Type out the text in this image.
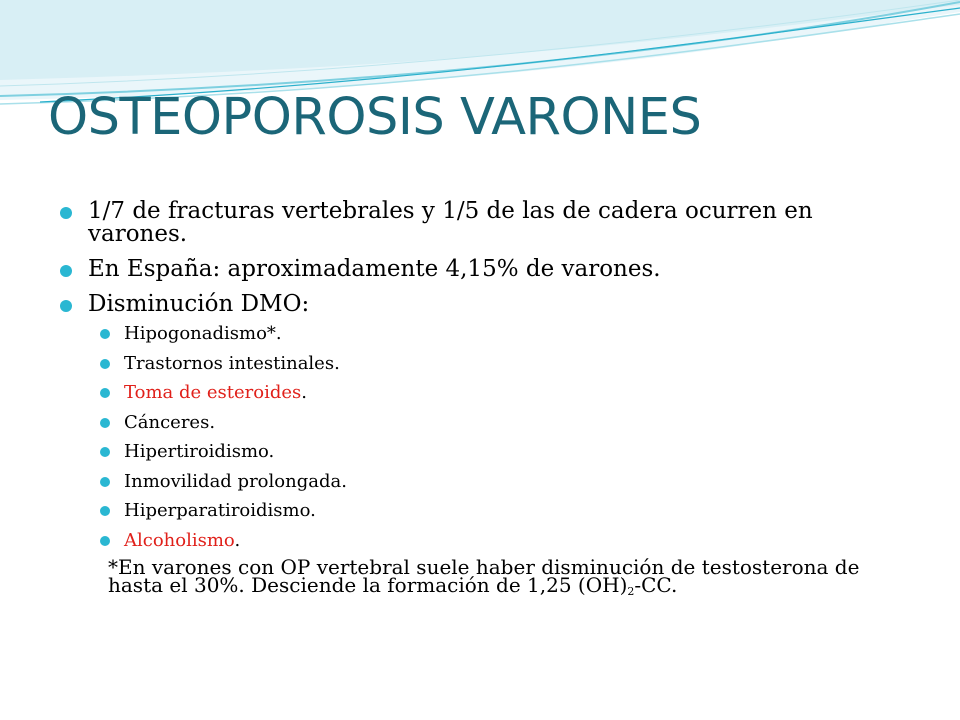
OSTEOPOROSIS VARONES
1/7 de fracturas vertebrales y 1/5 de las de cadera ocurren en varones.
En España: aproximadamente 4,15% de varones.
Disminución DMO:
Hipogonadismo*.
Trastornos intestinales.
Toma de esteroides.
Cánceres.
Hipertiroidismo.
Inmovilidad prolongada.
Hiperparatiroidismo.
Alcoholismo.
*En varones con OP vertebral suele haber disminución de testosterona de hasta el 30%. Desciende la formación de 1,25 $(OH)_2-CC$.
